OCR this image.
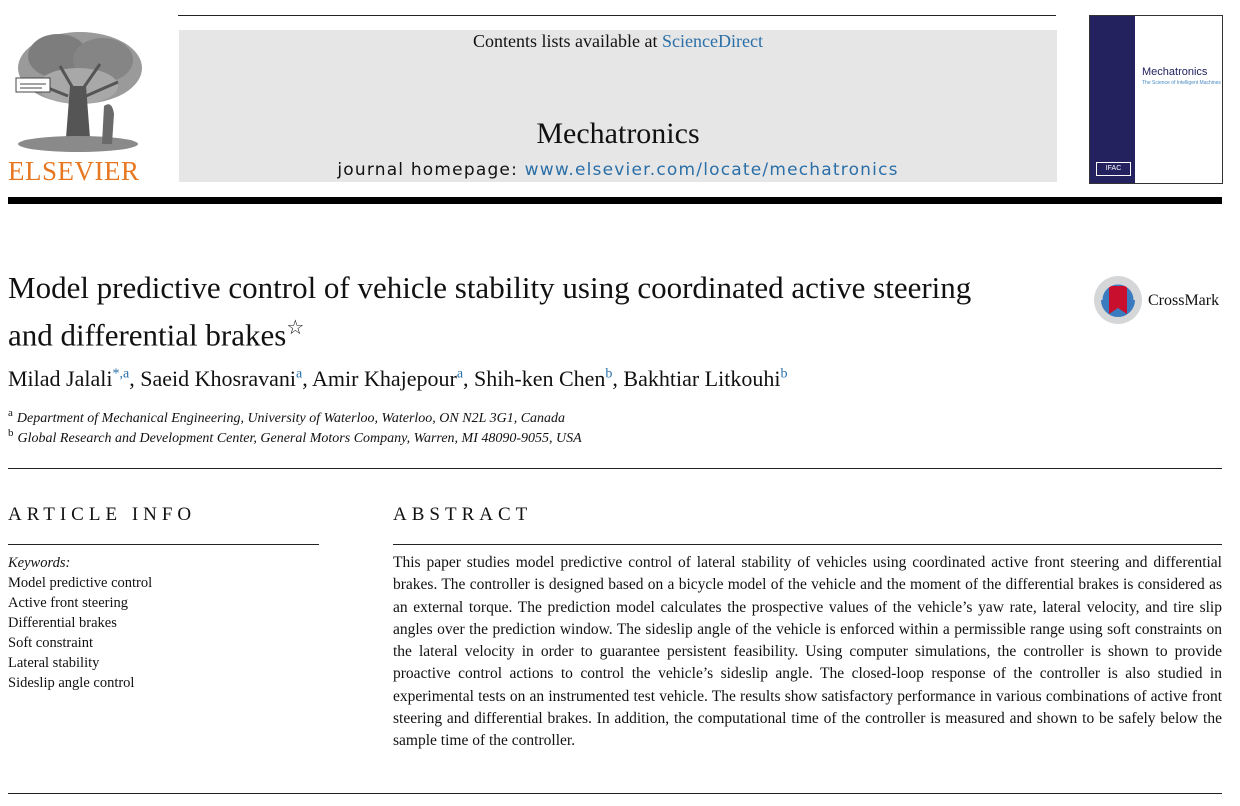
ELSEVIER
Contents lists available at ScienceDirect
Mechatronics
journal homepage: www.elsevier.com/locate/mechatronics
Mechatronics
The Science of Intelligent Machines
IFAC
Model predictive control of vehicle stability using coordinated active steering and differential brakes☆
CrossMark
Milad Jalali$^{*,a}$, Saeid Khosravani$^a$, Amir Khajepour$^a$, Shih-ken Chen$^b$, Bakhtiar Litkouhi$^b$
$^a$ Department of Mechanical Engineering, University of Waterloo, Waterloo, ON N2L 3G1, Canada
$^b$ Global Research and Development Center, General Motors Company, Warren, MI 48090-9055, USA
ARTICLE INFO	ABSTRACT
Keywords:
Model predictive control
Active front steering
Differential brakes
Soft constraint
Lateral stability
Sideslip angle control
This paper studies model predictive control of lateral stability of vehicles using coordinated active front steering and differential brakes. The controller is designed based on a bicycle model of the vehicle and the moment of the differential brakes is considered as an external torque. The prediction model calculates the prospective values of the vehicle’s yaw rate, lateral velocity, and tire slip angles over the prediction window. The sideslip angle of the vehicle is enforced within a permissible range using soft constraints on the lateral velocity in order to guarantee persistent feasibility. Using computer simulations, the controller is shown to provide proactive control actions to control the vehicle’s sideslip angle. The closed-loop response of the controller is also studied in experimental tests on an instrumented test vehicle. The results show satisfactory performance in various combinations of active front steering and differential brakes. In addition, the computational time of the controller is measured and shown to be safely below the sample time of the controller.
